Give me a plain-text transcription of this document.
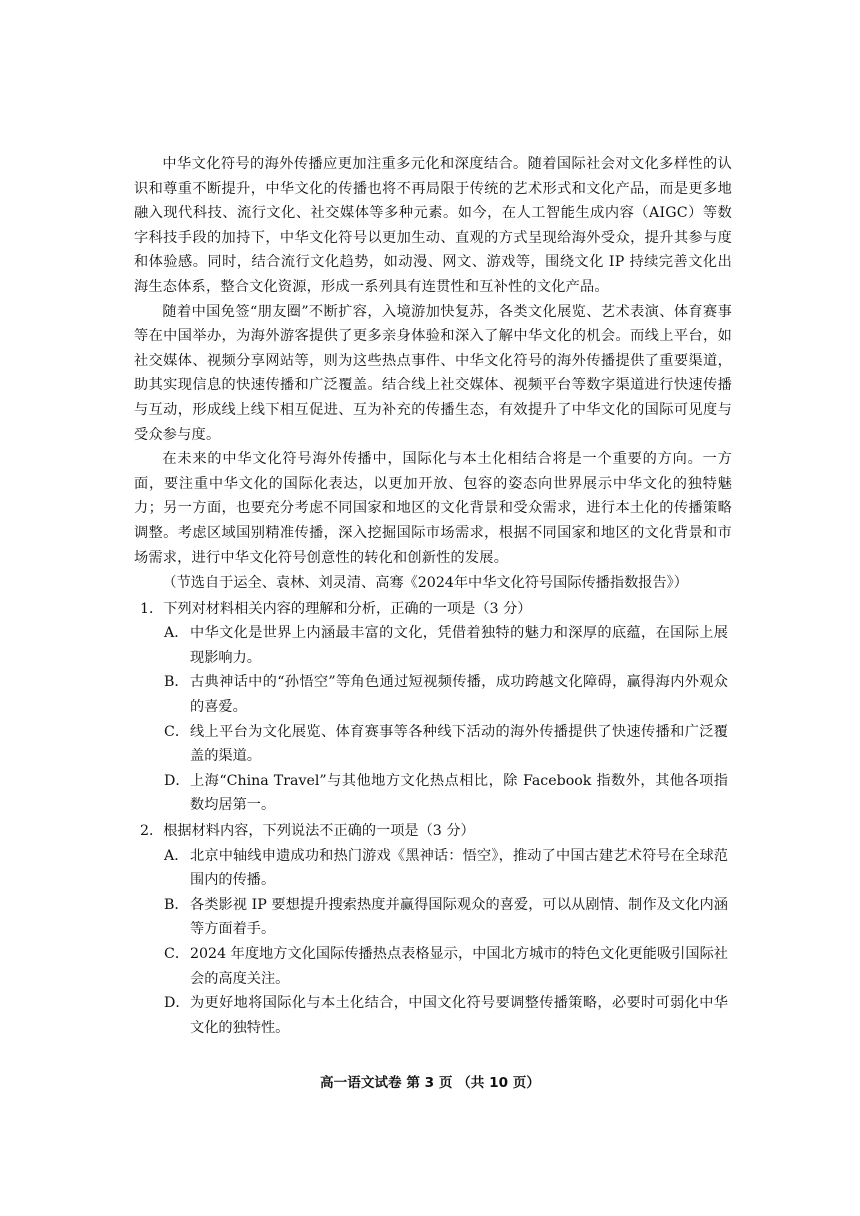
中华文化符号的海外传播应更加注重多元化和深度结合。随着国际社会对文化多样性的认识和尊重不断提升，中华文化的传播也将不再局限于传统的艺术形式和文化产品，而是更多地融入现代科技、流行文化、社交媒体等多种元素。如今，在人工智能生成内容（AIGC）等数字科技手段的加持下，中华文化符号以更加生动、直观的方式呈现给海外受众，提升其参与度和体验感。同时，结合流行文化趋势，如动漫、网文、游戏等，围绕文化 IP 持续完善文化出海生态体系，整合文化资源，形成一系列具有连贯性和互补性的文化产品。

随着中国免签“朋友圈”不断扩容，入境游加快复苏，各类文化展览、艺术表演、体育赛事等在中国举办，为海外游客提供了更多亲身体验和深入了解中华文化的机会。而线上平台，如社交媒体、视频分享网站等，则为这些热点事件、中华文化符号的海外传播提供了重要渠道，助其实现信息的快速传播和广泛覆盖。结合线上社交媒体、视频平台等数字渠道进行快速传播与互动，形成线上线下相互促进、互为补充的传播生态，有效提升了中华文化的国际可见度与受众参与度。

在未来的中华文化符号海外传播中，国际化与本土化相结合将是一个重要的方向。一方面，要注重中华文化的国际化表达，以更加开放、包容的姿态向世界展示中华文化的独特魅力；另一方面，也要充分考虑不同国家和地区的文化背景和受众需求，进行本土化的传播策略调整。考虑区域国别精准传播，深入挖掘国际市场需求，根据不同国家和地区的文化背景和市场需求，进行中华文化符号创意性的转化和创新性的发展。

（节选自于运全、袁林、刘灵清、高骞《2024年中华文化符号国际传播指数报告》）

1．下列对材料相关内容的理解和分析，正确的一项是（3 分）

A． 中华文化是世界上内涵最丰富的文化，凭借着独特的魅力和深厚的底蕴，在国际上展现影响力。
B． 古典神话中的“孙悟空”等角色通过短视频传播，成功跨越文化障碍，赢得海内外观众的喜爱。
C． 线上平台为文化展览、体育赛事等各种线下活动的海外传播提供了快速传播和广泛覆盖的渠道。
D． 上海“China Travel”与其他地方文化热点相比，除 Facebook 指数外，其他各项指数均居第一。

2．根据材料内容，下列说法不正确的一项是（3 分）

A． 北京中轴线申遗成功和热门游戏《黑神话：悟空》，推动了中国古建艺术符号在全球范围内的传播。
B． 各类影视 IP 要想提升搜索热度并赢得国际观众的喜爱，可以从剧情、制作及文化内涵等方面着手。
C． 2024 年度地方文化国际传播热点表格显示，中国北方城市的特色文化更能吸引国际社会的高度关注。
D． 为更好地将国际化与本土化结合，中国文化符号要调整传播策略，必要时可弱化中华文化的独特性。
高一语文试卷 第 3 页 （共 10 页）
